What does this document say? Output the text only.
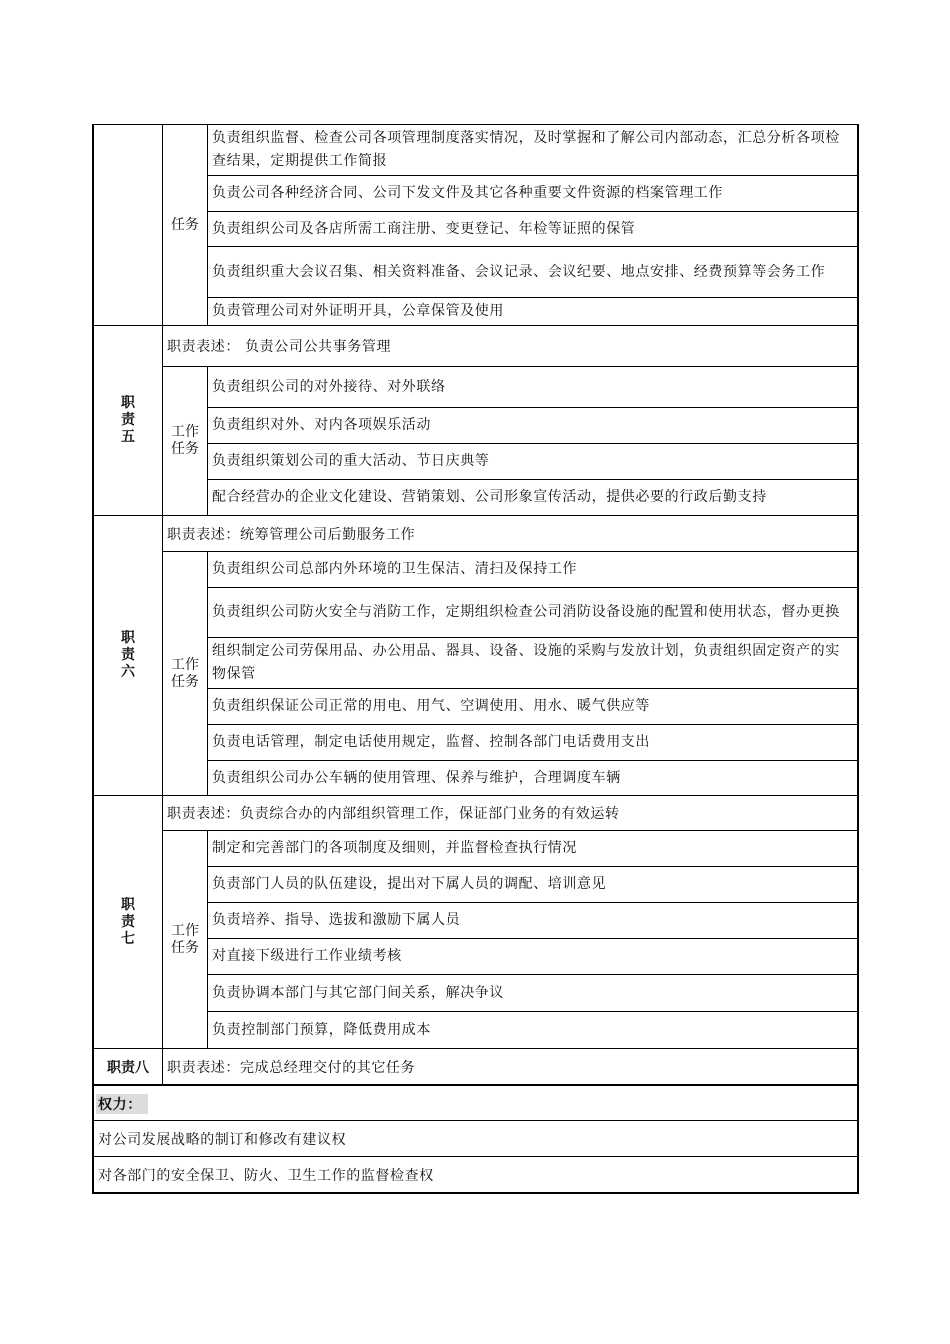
任务
负责组织监督、检查公司各项管理制度落实情况，及时掌握和了解公司内部动态，汇总分析各项检查结果，定期提供工作简报
负责公司各种经济合同、公司下发文件及其它各种重要文件资源的档案管理工作
负责组织公司及各店所需工商注册、变更登记、年检等证照的保管
负责组织重大会议召集、相关资料准备、会议记录、会议纪要、地点安排、经费预算等会务工作
负责管理公司对外证明开具，公章保管及使用
职责五
职责表述： 负责公司公共事务管理
工作任务
负责组织公司的对外接待、对外联络
负责组织对外、对内各项娱乐活动
负责组织策划公司的重大活动、节日庆典等
配合经营办的企业文化建设、营销策划、公司形象宣传活动，提供必要的行政后勤支持
职责六
职责表述：统筹管理公司后勤服务工作
工作任务
负责组织公司总部内外环境的卫生保洁、清扫及保持工作
负责组织公司防火安全与消防工作，定期组织检查公司消防设备设施的配置和使用状态，督办更换
组织制定公司劳保用品、办公用品、器具、设备、设施的采购与发放计划，负责组织固定资产的实物保管
负责组织保证公司正常的用电、用气、空调使用、用水、暖气供应等
负责电话管理，制定电话使用规定，监督、控制各部门电话费用支出
负责组织公司办公车辆的使用管理、保养与维护，合理调度车辆
职责七
职责表述：负责综合办的内部组织管理工作，保证部门业务的有效运转
工作任务
制定和完善部门的各项制度及细则，并监督检查执行情况
负责部门人员的队伍建设，提出对下属人员的调配、培训意见
负责培养、指导、选拔和激励下属人员
对直接下级进行工作业绩考核
负责协调本部门与其它部门间关系，解决争议
负责控制部门预算，降低费用成本
职责八 职责表述：完成总经理交付的其它任务
权力：
对公司发展战略的制订和修改有建议权
对各部门的安全保卫、防火、卫生工作的监督检查权
